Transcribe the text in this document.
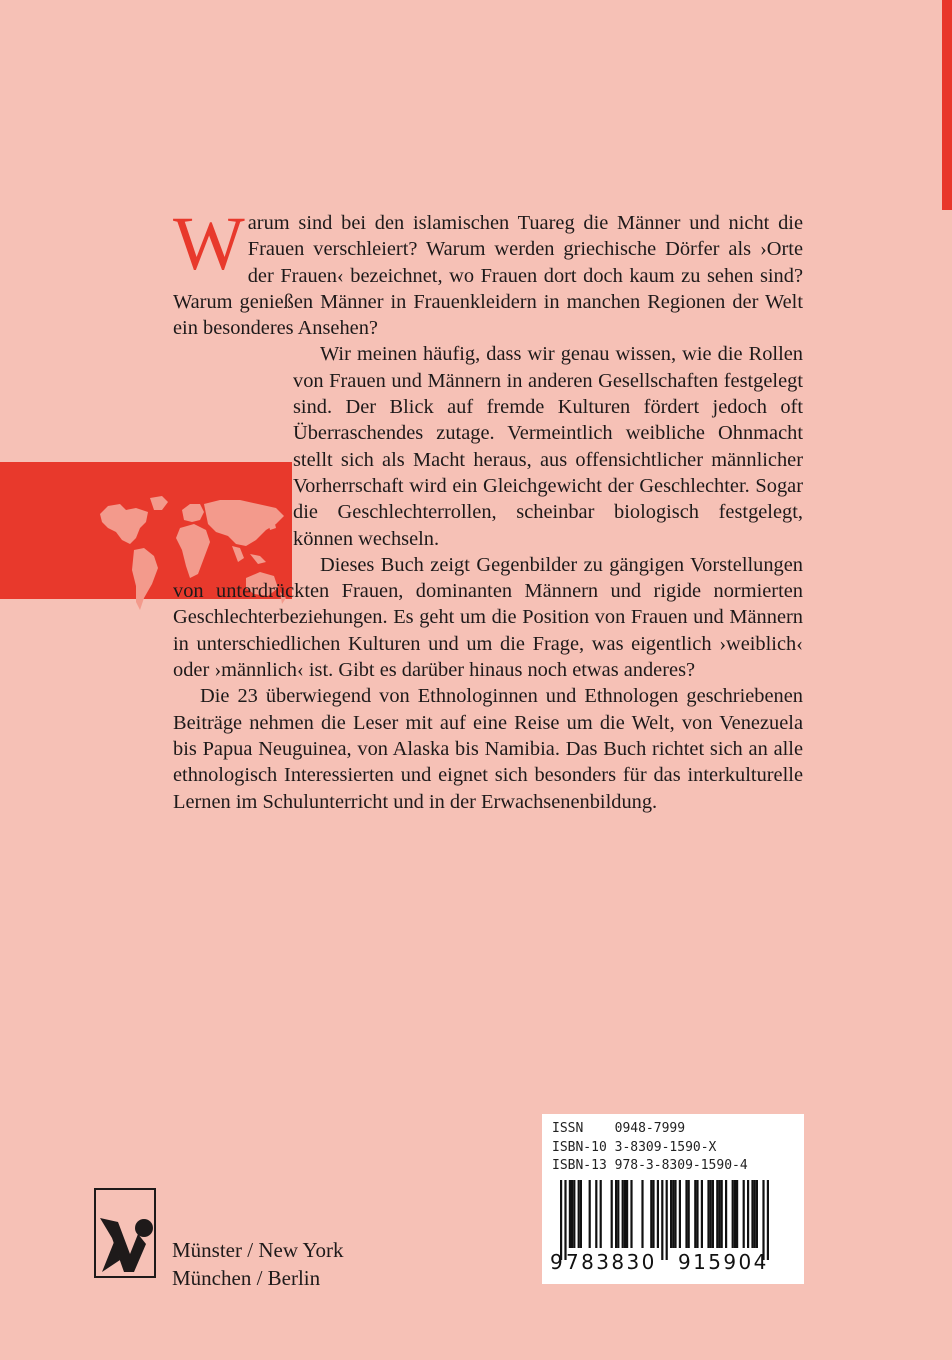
W arum sind bei den islamischen Tuareg die Männer und nicht die Frauen verschleiert? Warum werden griechische Dörfer als ›Orte der Frauen‹ bezeichnet, wo Frauen dort doch kaum zu sehen sind? Warum genießen Männer in Frauenkleidern in manchen Regionen der Welt ein besonderes Ansehen?

Wir meinen häufig, dass wir genau wissen, wie die Rollen von Frauen und Männern in anderen Gesellschaften festgelegt sind. Der Blick auf fremde Kulturen fördert jedoch oft Überraschendes zutage. Vermeintlich weibliche Ohnmacht stellt sich als Macht heraus, aus offensichtlicher männlicher Vorherrschaft wird ein Gleichgewicht der Geschlechter. Sogar die Geschlechterrollen, scheinbar biologisch festgelegt, können wechseln.

Dieses Buch zeigt Gegenbilder zu gängigen Vorstellungen von unterdrückten Frauen, dominanten Männern und rigide normierten Geschlechterbeziehungen. Es geht um die Position von Frauen und Männern in unterschiedlichen Kulturen und um die Frage, was eigentlich ›weiblich‹ oder ›männlich‹ ist. Gibt es darüber hinaus noch etwas anderes?

Die 23 überwiegend von Ethnologinnen und Ethnologen geschriebenen Beiträge nehmen die Leser mit auf eine Reise um die Welt, von Venezuela bis Papua Neuguinea, von Alaska bis Namibia. Das Buch richtet sich an alle ethnologisch Interessierten und eignet sich besonders für das interkulturelle Lernen im Schulunterricht und in der Erwachsenenbildung.

ISSN 0948-7999
ISBN-10 3-8309-1590-X
ISBN-13 978-3-8309-1590-4
9 783830 915904
Münster / New York
München / Berlin
